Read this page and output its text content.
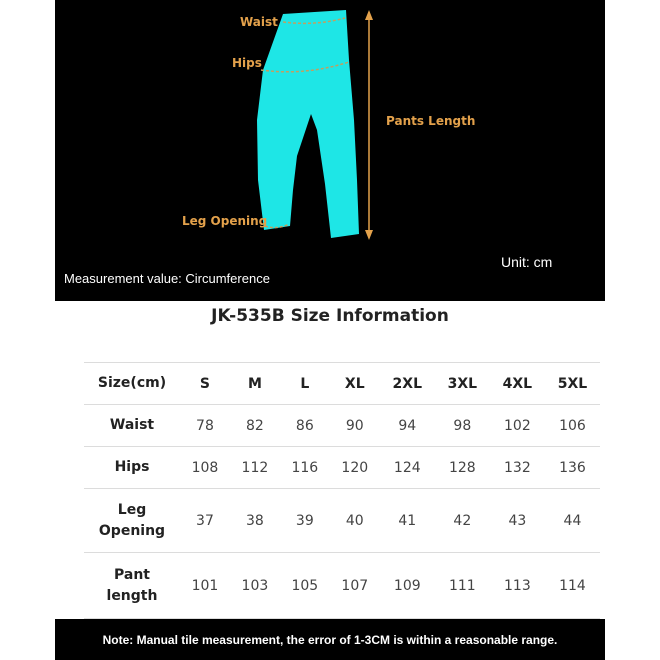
Waist
Hips
Leg Opening
Pants Length
Measurement value: Circumference
Unit: cm
JK-535B Size Information
Size(cm)	S	M	L	XL	2XL	3XL	4XL	5XL
Waist	78	82	86	90	94	98	102	106
Hips	108	112	116	120	124	128	132	136

Leg
Opening	37	38	39	40	41	42	43	44

Pant
length	101	103	105	107	109	111	113	114
Note: Manual tile measurement, the error of 1-3CM is within a reasonable range.
